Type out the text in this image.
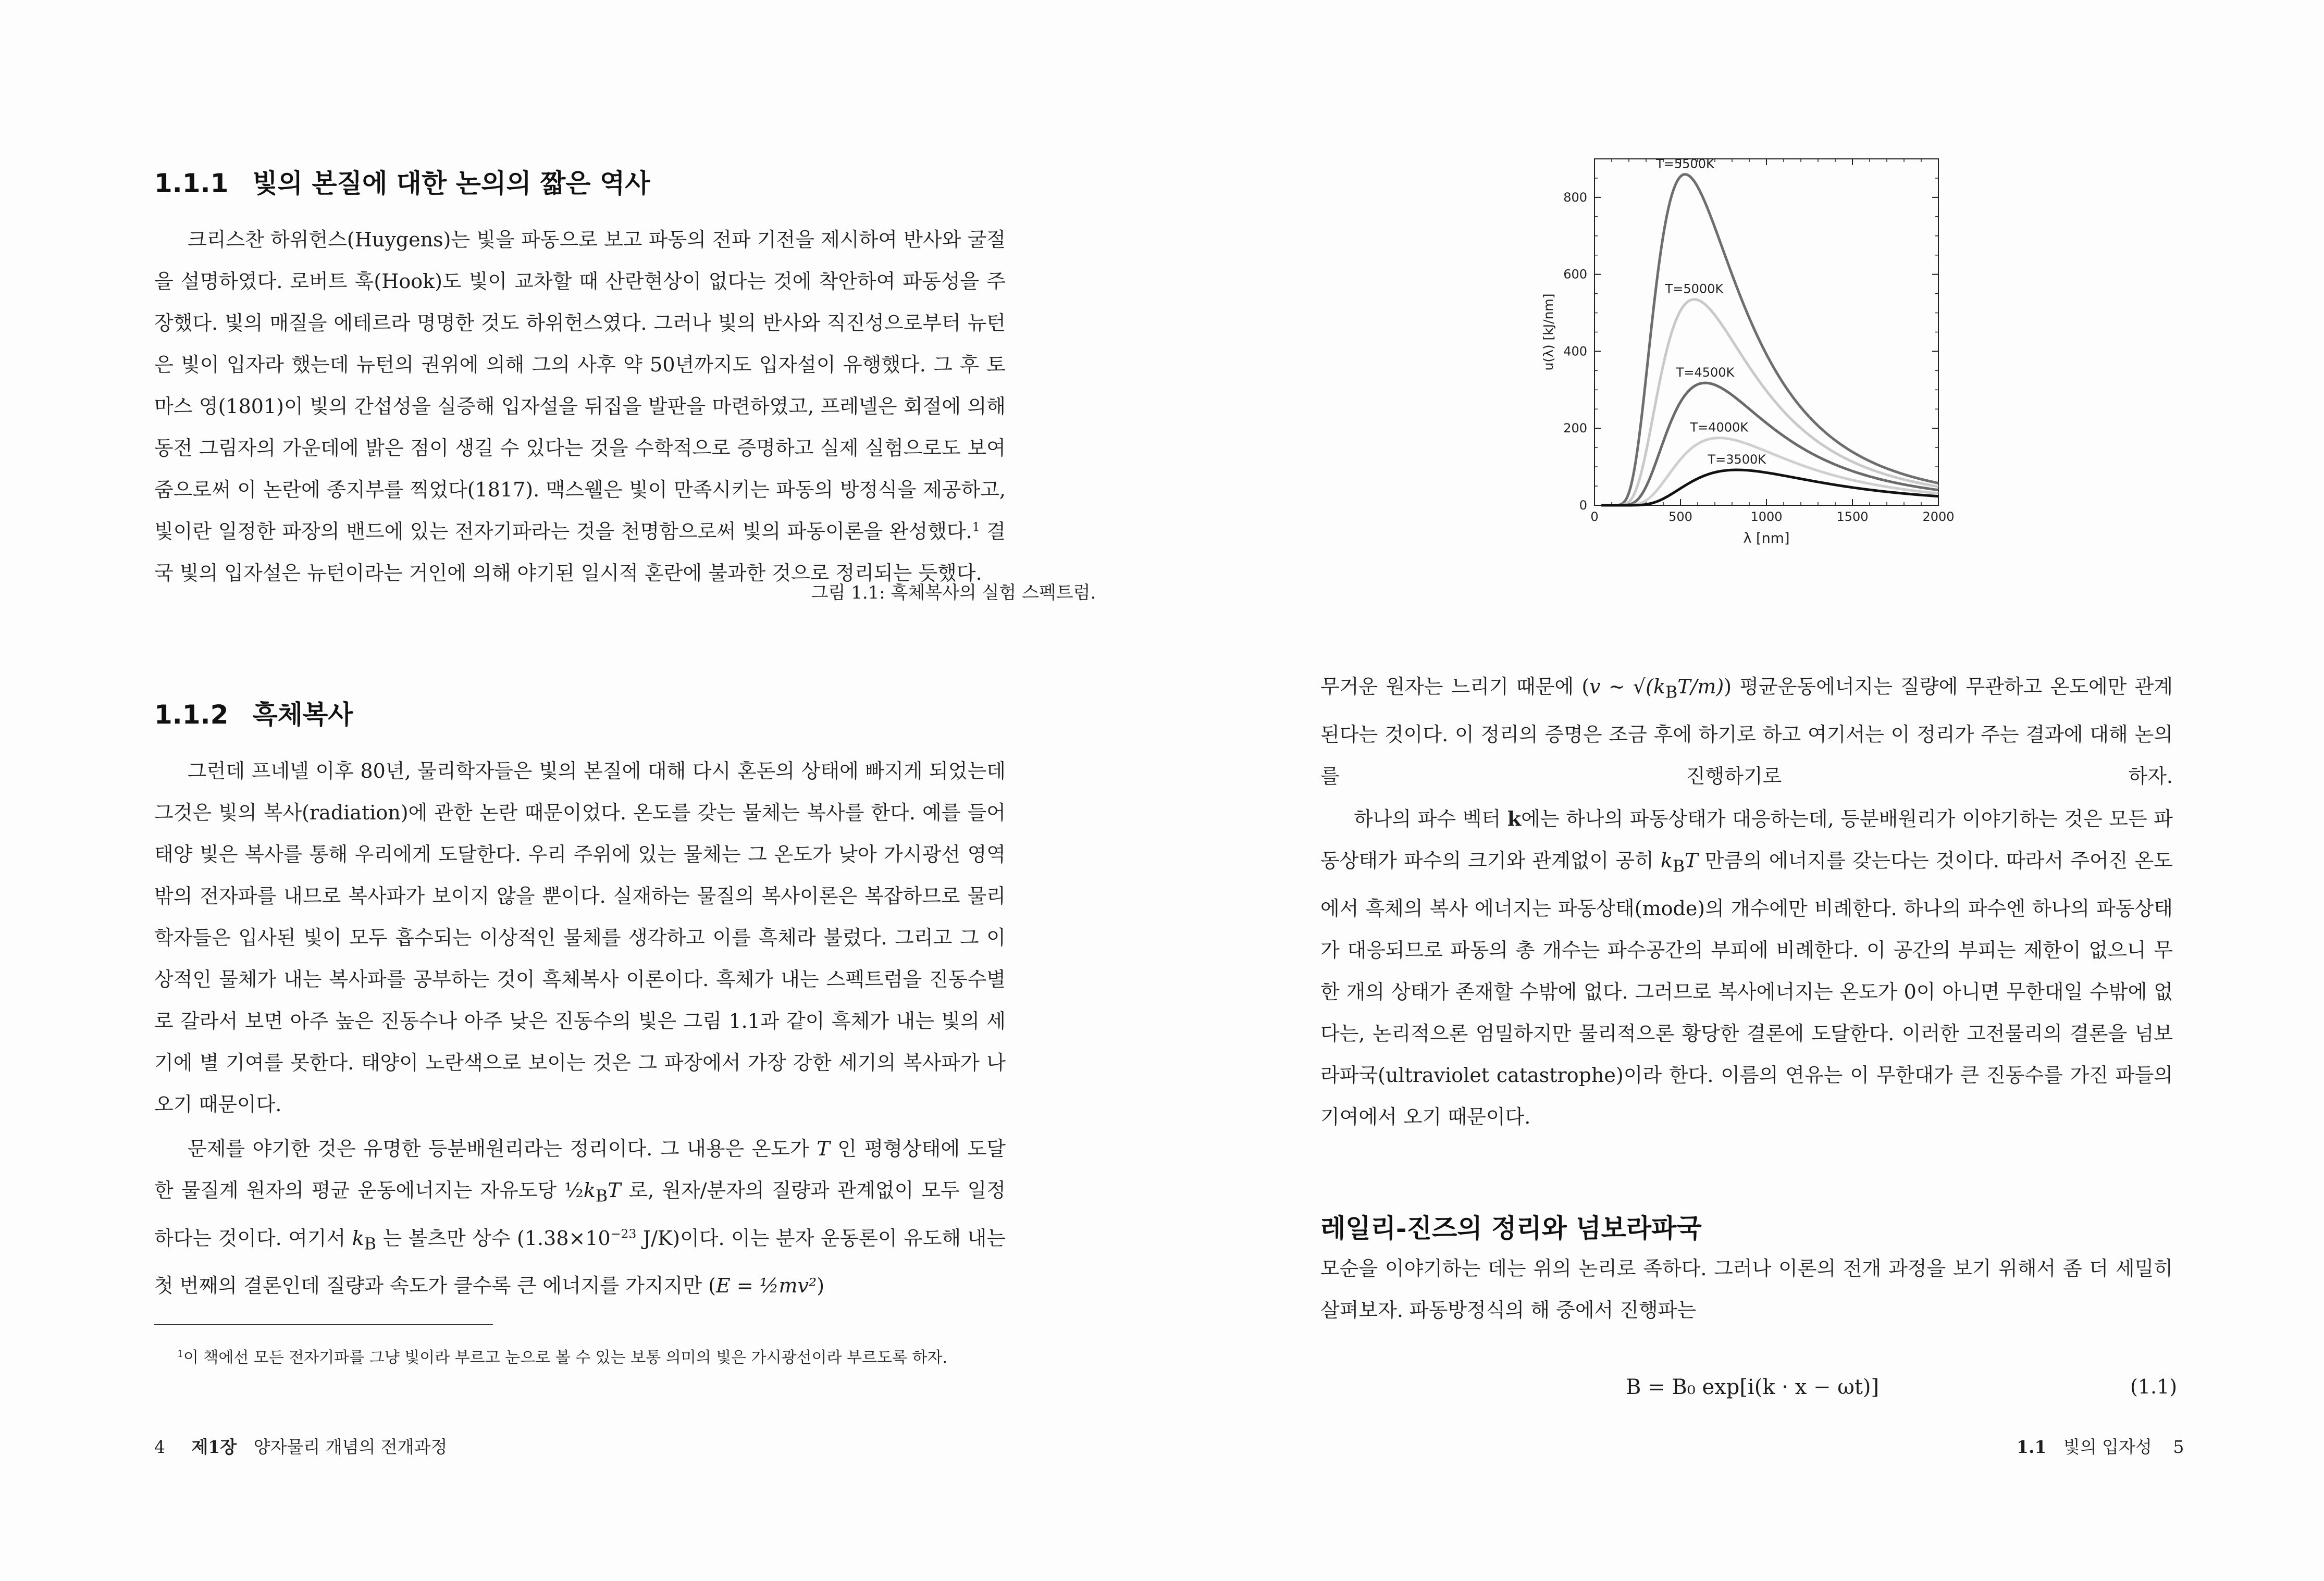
1.1.1 빛의 본질에 대한 논의의 짧은 역사

크리스찬 하위헌스(Huygens)는 빛을 파동으로 보고 파동의 전파 기전을 제시하여 반사와 굴절을 설명하였다. 로버트 훅(Hook)도 빛이 교차할 때 산란현상이 없다는 것에 착안하여 파동성을 주장했다. 빛의 매질을 에테르라 명명한 것도 하위헌스였다. 그러나 빛의 반사와 직진성으로부터 뉴턴은 빛이 입자라 했는데 뉴턴의 권위에 의해 그의 사후 약 50년까지도 입자설이 유행했다. 그 후 토마스 영(1801)이 빛의 간섭성을 실증해 입자설을 뒤집을 발판을 마련하였고, 프레넬은 회절에 의해 동전 그림자의 가운데에 밝은 점이 생길 수 있다는 것을 수학적으로 증명하고 실제 실험으로도 보여줌으로써 이 논란에 종지부를 찍었다(1817). 맥스웰은 빛이 만족시키는 파동의 방정식을 제공하고, 빛이란 일정한 파장의 밴드에 있는 전자기파라는 것을 천명함으로써 빛의 파동이론을 완성했다.$^1$ 결국 빛의 입자설은 뉴턴이라는 거인에 의해 야기된 일시적 혼란에 불과한 것으로 정리되는 듯했다.

1.1.2 흑체복사

그런데 프네넬 이후 80년, 물리학자들은 빛의 본질에 대해 다시 혼돈의 상태에 빠지게 되었는데 그것은 빛의 복사(radiation)에 관한 논란 때문이었다. 온도를 갖는 물체는 복사를 한다. 예를 들어 태양 빛은 복사를 통해 우리에게 도달한다. 우리 주위에 있는 물체는 그 온도가 낮아 가시광선 영역밖의 전자파를 내므로 복사파가 보이지 않을 뿐이다. 실재하는 물질의 복사이론은 복잡하므로 물리학자들은 입사된 빛이 모두 흡수되는 이상적인 물체를 생각하고 이를 흑체라 불렀다. 그리고 그 이상적인 물체가 내는 복사파를 공부하는 것이 흑체복사 이론이다. 흑체가 내는 스펙트럼을 진동수별로 갈라서 보면 아주 높은 진동수나 아주 낮은 진동수의 빛은 그림 1.1과 같이 흑체가 내는 빛의 세기에 별 기여를 못한다. 태양이 노란색으로 보이는 것은 그 파장에서 가장 강한 세기의 복사파가 나오기 때문이다.

문제를 야기한 것은 유명한 등분배원리라는 정리이다. 그 내용은 온도가 T 인 평형상태에 도달한 물질계 원자의 평균 운동에너지는 자유도당 $\frac{1}{2}k_BT$ 로, 원자/분자의 질량과 관계없이 모두 일정하다는 것이다. 여기서 $k_B$ 는 볼츠만 상수 ($1.38\times 10^{-23}$ J/K)이다. 이는 분자 운동론이 유도해 내는 첫 번째의 결론인데 질량과 속도가 클수록 큰 에너지를 가지지만 (E = ½mv²)

$^1$이 책에선 모든 전자기파를 그냥 빛이라 부르고 눈으로 볼 수 있는 보통 의미의 빛은 가시광선이라 부르도록 하자.

4 제1장 양자물리 개념의 전개과정
0	500	1000	1500	2000
0
200
400
600
800
λ [nm]
u(λ) [kJ/nm]
T=5500K
T=5000K
T=4500K
T=4000K
T=3500K

그림 1.1: 흑체복사의 실험 스펙트럼.

무거운 원자는 느리기 때문에 (v ∼ $√(k_BT/m)$) 평균운동에너지는 질량에 무관하고 온도에만 관계된다는 것이다. 이 정리의 증명은 조금 후에 하기로 하고 여기서는 이 정리가 주는 결과에 대해 논의를 진행하기로 하자.

하나의 파수 벡터 k에는 하나의 파동상태가 대응하는데, 등분배원리가 이야기하는 것은 모든 파동상태가 파수의 크기와 관계없이 공히 $k_BT$ 만큼의 에너지를 갖는다는 것이다. 따라서 주어진 온도에서 흑체의 복사 에너지는 파동상태(mode)의 개수에만 비례한다. 하나의 파수엔 하나의 파동상태가 대응되므로 파동의 총 개수는 파수공간의 부피에 비례한다. 이 공간의 부피는 제한이 없으니 무한 개의 상태가 존재할 수밖에 없다. 그러므로 복사에너지는 온도가 0이 아니면 무한대일 수밖에 없다는, 논리적으론 엄밀하지만 물리적으론 황당한 결론에 도달한다. 이러한 고전물리의 결론을 넘보라파국(ultraviolet catastrophe)이라 한다. 이름의 연유는 이 무한대가 큰 진동수를 가진 파들의 기여에서 오기 때문이다.

레일리-진즈의 정리와 넘보라파국

모순을 이야기하는 데는 위의 논리로 족하다. 그러나 이론의 전개 과정을 보기 위해서 좀 더 세밀히 살펴보자. 파동방정식의 해 중에서 진행파는

B = B₀ exp[i(k · x − ωt)]	(1.1)
1.1 빛의 입자성 5
